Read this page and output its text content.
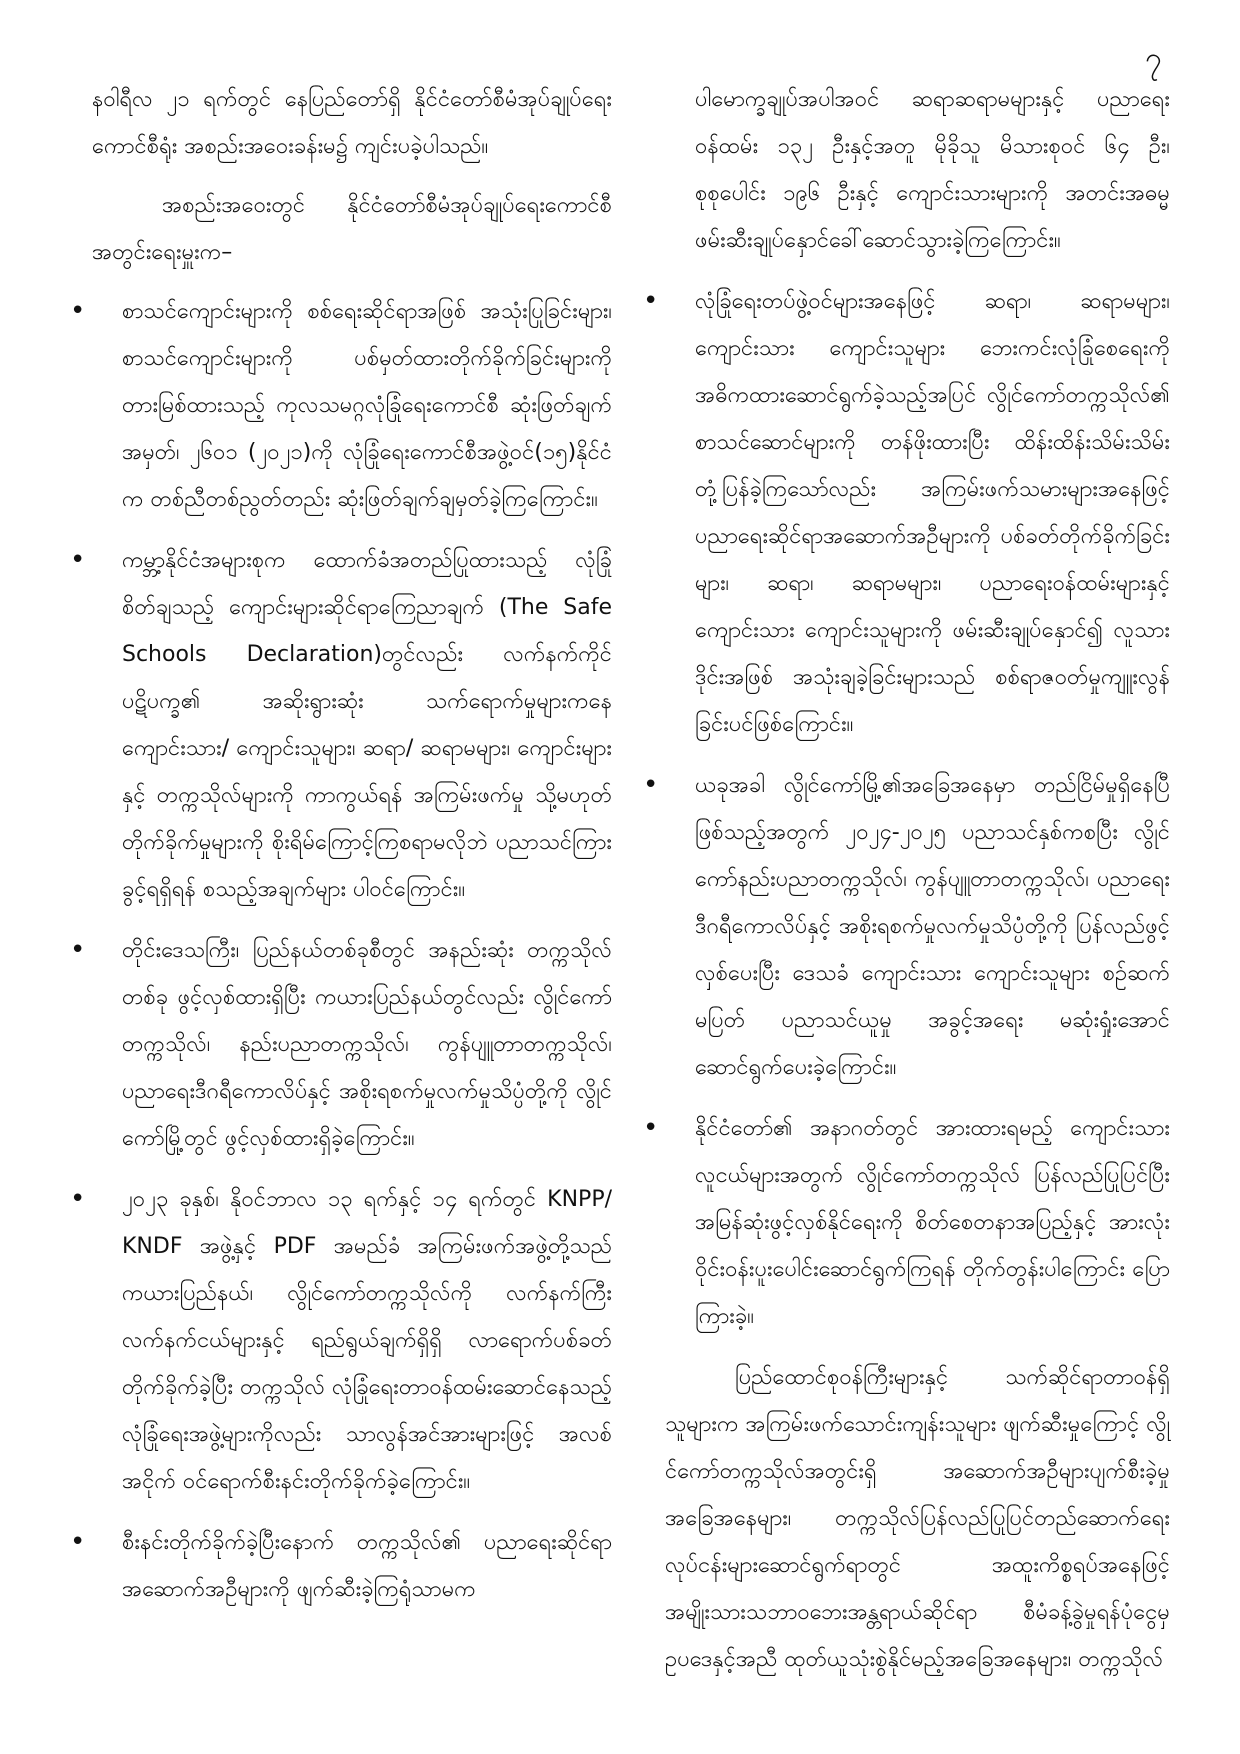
၇

နဝါရီလ ၂၁ ရက်တွင် နေပြည်တော်ရှိ နိုင်ငံတော်စီမံအုပ်ချုပ်ရေးကောင်စီရုံး အစည်းအဝေးခန်းမ၌ ကျင်းပခဲ့ပါသည်။

အစည်းအဝေးတွင် နိုင်ငံတော်စီမံအုပ်ချုပ်ရေးကောင်စီ အတွင်းရေးမှူးက–

• စာသင်ကျောင်းများကို စစ်ရေးဆိုင်ရာအဖြစ် အသုံးပြုခြင်းများ၊ စာသင်ကျောင်းများကို ပစ်မှတ်ထားတိုက်ခိုက်ခြင်းများကို တားမြစ်ထားသည့် ကုလသမဂ္ဂလုံခြုံရေးကောင်စီ ဆုံးဖြတ်ချက်အမှတ်၊ ၂၆၀၁ (၂၀၂၁)ကို လုံခြုံရေးကောင်စီအဖွဲ့ဝင်(၁၅)နိုင်ငံက တစ်ညီတစ်ညွတ်တည်း ဆုံးဖြတ်ချက်ချမှတ်ခဲ့ကြကြောင်း။
• ကမ္ဘာ့နိုင်ငံအများစုက ထောက်ခံအတည်ပြုထားသည့် လုံခြုံစိတ်ချသည့် ကျောင်းများဆိုင်ရာကြေညာချက် (The Safe Schools Declaration)တွင်လည်း လက်နက်ကိုင်ပဋိပက္ခ၏ အဆိုးရွားဆုံး သက်ရောက်မှုများကနေ ကျောင်းသား/ ကျောင်းသူများ၊ ဆရာ/ ဆရာမများ၊ ကျောင်းများနှင့် တက္ကသိုလ်များကို ကာကွယ်ရန် အကြမ်းဖက်မှု သို့မဟုတ် တိုက်ခိုက်မှုများကို စိုးရိမ်ကြောင့်ကြစရာမလိုဘဲ ပညာသင်ကြားခွင့်ရရှိရန် စသည့်အချက်များ ပါဝင်ကြောင်း။
• တိုင်းဒေသကြီး၊ ပြည်နယ်တစ်ခုစီတွင် အနည်းဆုံး တက္ကသိုလ်တစ်ခု ဖွင့်လှစ်ထားရှိပြီး ကယားပြည်နယ်တွင်လည်း လွိုင်ကော်တက္ကသိုလ်၊ နည်းပညာတက္ကသိုလ်၊ ကွန်ပျူတာတက္ကသိုလ်၊ ပညာရေးဒီဂရီကောလိပ်နှင့် အစိုးရစက်မှုလက်မှုသိပ္ပံတို့ကို လွိုင်ကော်မြို့တွင် ဖွင့်လှစ်ထားရှိခဲ့ကြောင်း။
• ၂၀၂၃ ခုနှစ်၊ နိုဝင်ဘာလ ၁၃ ရက်နှင့် ၁၄ ရက်တွင် KNPP/ KNDF အဖွဲ့နှင့် PDF အမည်ခံ အကြမ်းဖက်အဖွဲ့တို့သည် ကယားပြည်နယ်၊ လွိုင်ကော်တက္ကသိုလ်ကို လက်နက်ကြီး လက်နက်ငယ်များနှင့် ရည်ရွယ်ချက်ရှိရှိ လာရောက်ပစ်ခတ်တိုက်ခိုက်ခဲ့ပြီး တက္ကသိုလ် လုံခြုံရေးတာဝန်ထမ်းဆောင်နေသည့် လုံခြုံရေးအဖွဲ့များကိုလည်း သာလွန်အင်အားများဖြင့် အလစ်အငိုက် ဝင်ရောက်စီးနင်းတိုက်ခိုက်ခဲ့ကြောင်း။
• စီးနင်းတိုက်ခိုက်ခဲ့ပြီးနောက် တက္ကသိုလ်၏ ပညာရေးဆိုင်ရာ အဆောက်အဦများကို ဖျက်ဆီးခဲ့ကြရုံသာမက
ပါမောက္ခချုပ်အပါအဝင် ဆရာဆရာမများနှင့် ပညာရေးဝန်ထမ်း ၁၃၂ ဦးနှင့်အတူ မိုခိုသူ မိသားစုဝင် ၆၄ ဦး၊ စုစုပေါင်း ၁၉၆ ဦးနှင့် ကျောင်းသားများကို အတင်းအဓမ္မ ဖမ်းဆီးချုပ်နှောင်ခေါ်ဆောင်သွားခဲ့ကြကြောင်း။
• လုံခြုံရေးတပ်ဖွဲ့ဝင်များအနေဖြင့် ဆရာ၊ ဆရာမများ၊ ကျောင်းသား ကျောင်းသူများ ဘေးကင်းလုံခြုံစေရေးကို အဓိကထားဆောင်ရွက်ခဲ့သည့်အပြင် လွိုင်ကော်တက္ကသိုလ်၏ စာသင်ဆောင်များကို တန်ဖိုးထားပြီး ထိန်းထိန်းသိမ်းသိမ်း တုံ့ပြန်ခဲ့ကြသော်လည်း အကြမ်းဖက်သမားများအနေဖြင့် ပညာရေးဆိုင်ရာအဆောက်အဦများကို ပစ်ခတ်တိုက်ခိုက်ခြင်းများ၊ ဆရာ၊ ဆရာမများ၊ ပညာရေးဝန်ထမ်းများနှင့် ကျောင်းသား ကျောင်းသူများကို ဖမ်းဆီးချုပ်နှောင်၍ လူသားဒိုင်းအဖြစ် အသုံးချခဲ့ခြင်းများသည် စစ်ရာဇဝတ်မှုကျူးလွန်ခြင်းပင်ဖြစ်ကြောင်း။
• ယခုအခါ လွိုင်ကော်မြို့၏အခြေအနေမှာ တည်ငြိမ်မှုရှိနေပြီဖြစ်သည့်အတွက် ၂၀၂၄-၂၀၂၅ ပညာသင်နှစ်ကစပြီး လွိုင်ကော်နည်းပညာတက္ကသိုလ်၊ ကွန်ပျူတာတက္ကသိုလ်၊ ပညာရေးဒီဂရီကောလိပ်နှင့် အစိုးရစက်မှုလက်မှုသိပ္ပံတို့ကို ပြန်လည်ဖွင့်လှစ်ပေးပြီး ဒေသခံ ကျောင်းသား ကျောင်းသူများ စဉ်ဆက်မပြတ် ပညာသင်ယူမှု အခွင့်အရေး မဆုံးရှုံးအောင် ဆောင်ရွက်ပေးခဲ့ကြောင်း။
• နိုင်ငံတော်၏ အနာဂတ်တွင် အားထားရမည့် ကျောင်းသားလူငယ်များအတွက် လွိုင်ကော်တက္ကသိုလ် ပြန်လည်ပြုပြင်ပြီး အမြန်ဆုံးဖွင့်လှစ်နိုင်ရေးကို စိတ်စေတနာအပြည့်နှင့် အားလုံးဝိုင်းဝန်းပူးပေါင်းဆောင်ရွက်ကြရန် တိုက်တွန်းပါကြောင်း ပြောကြားခဲ့။

ပြည်ထောင်စုဝန်ကြီးများနှင့် သက်ဆိုင်ရာတာဝန်ရှိသူများက အကြမ်းဖက်သောင်းကျန်းသူများ ဖျက်ဆီးမှုကြောင့် လွိုင်ကော်တက္ကသိုလ်အတွင်းရှိ အဆောက်အဦများပျက်စီးခဲ့မှု အခြေအနေများ၊ တက္ကသိုလ်ပြန်လည်ပြုပြင်တည်ဆောက်ရေး လုပ်ငန်းများဆောင်ရွက်ရာတွင် အထူးကိစ္စရပ်အနေဖြင့် အမျိုးသားသဘာဝဘေးအန္တရာယ်ဆိုင်ရာ စီမံခန့်ခွဲမှုရန်ပုံငွေမှ ဥပဒေနှင့်အညီ ထုတ်ယူသုံးစွဲနိုင်မည့်အခြေအနေများ၊ တက္ကသိုလ်
